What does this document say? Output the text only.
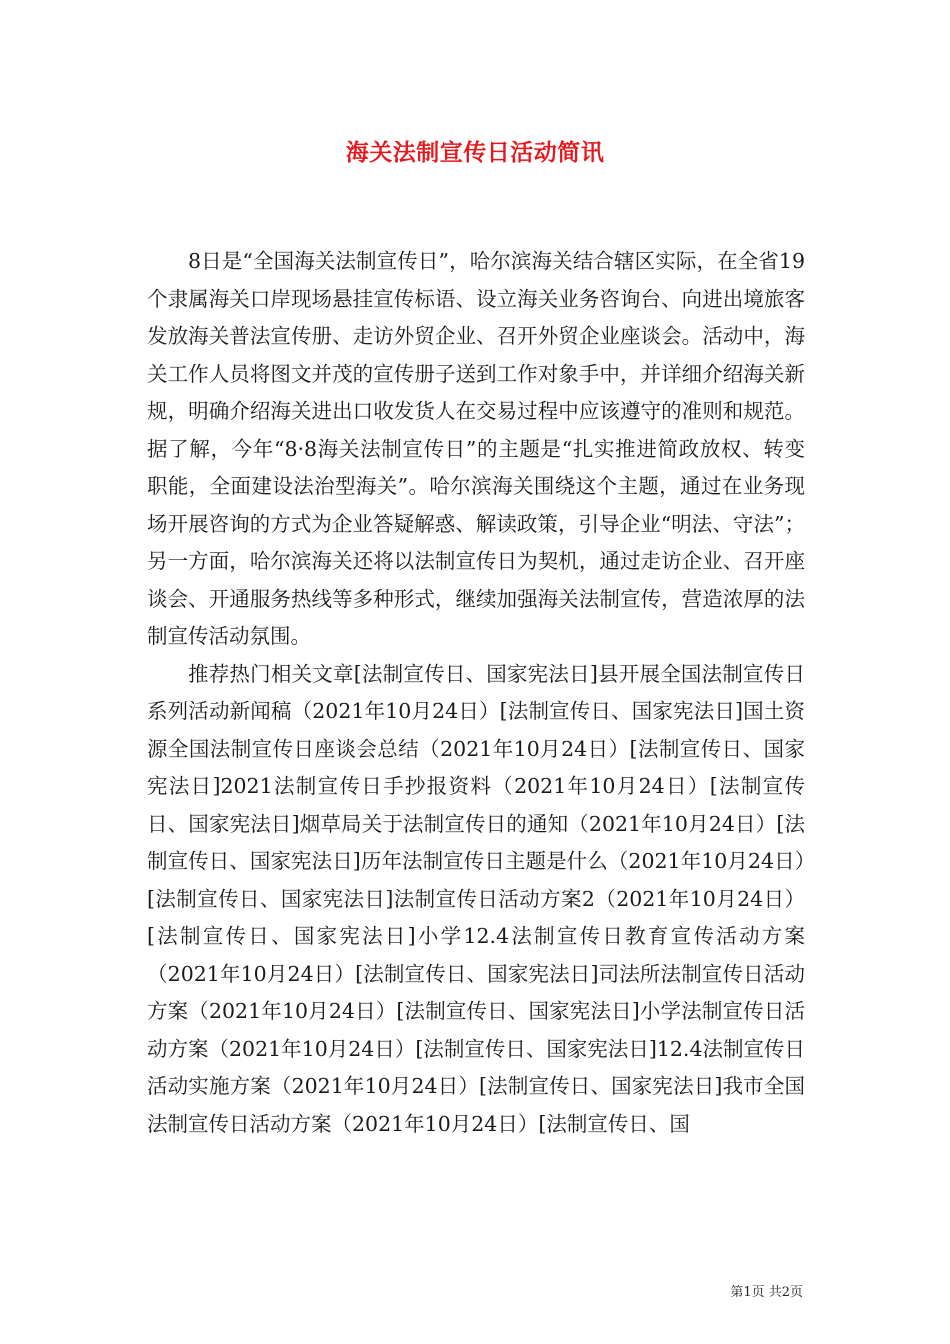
海关法制宣传日活动简讯

8日是“全国海关法制宣传日”，哈尔滨海关结合辖区实际，在全省19个隶属海关口岸现场悬挂宣传标语、设立海关业务咨询台、向进出境旅客发放海关普法宣传册、走访外贸企业、召开外贸企业座谈会。活动中，海关工作人员将图文并茂的宣传册子送到工作对象手中，并详细介绍海关新规，明确介绍海关进出口收发货人在交易过程中应该遵守的准则和规范。据了解，今年“8·8海关法制宣传日”的主题是“扎实推进简政放权、转变职能，全面建设法治型海关”。哈尔滨海关围绕这个主题，通过在业务现场开展咨询的方式为企业答疑解惑、解读政策，引导企业“明法、守法”；另一方面，哈尔滨海关还将以法制宣传日为契机，通过走访企业、召开座谈会、开通服务热线等多种形式，继续加强海关法制宣传，营造浓厚的法制宣传活动氛围。

推荐热门相关文章[法制宣传日、国家宪法日]县开展全国法制宣传日系列活动新闻稿（2021年10月24日）[法制宣传日、国家宪法日]国土资源全国法制宣传日座谈会总结（2021年10月24日）[法制宣传日、国家宪法日]2021法制宣传日手抄报资料（2021年10月24日）[法制宣传日、国家宪法日]烟草局关于法制宣传日的通知（2021年10月24日）[法制宣传日、国家宪法日]历年法制宣传日主题是什么（2021年10月24日）[法制宣传日、国家宪法日]法制宣传日活动方案2（2021年10月24日）[法制宣传日、国家宪法日]小学12.4法制宣传日教育宣传活动方案（2021年10月24日）[法制宣传日、国家宪法日]司法所法制宣传日活动方案（2021年10月24日）[法制宣传日、国家宪法日]小学法制宣传日活动方案（2021年10月24日）[法制宣传日、国家宪法日]12.4法制宣传日活动实施方案（2021年10月24日）[法制宣传日、国家宪法日]我市全国法制宣传日活动方案（2021年10月24日）[法制宣传日、国

第1页 共2页
